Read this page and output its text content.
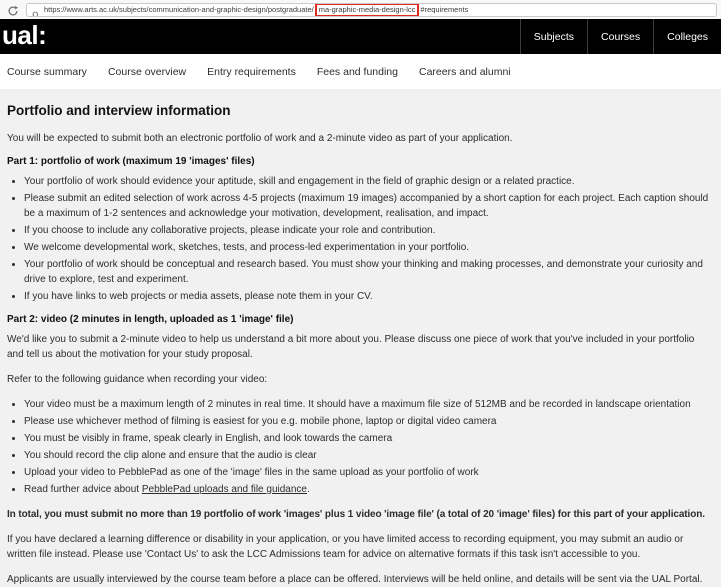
https://www.arts.ac.uk/subjects/communication-and-graphic-design/postgraduate/ ma-graphic-media-design-lcc #requirements
ual:	Subjects	Courses	Colleges
Course summary Course overview Entry requirements Fees and funding Careers and alumni
Portfolio and interview information

You will be expected to submit both an electronic portfolio of work and a 2-minute video as part of your application.

Part 1: portfolio of work (maximum 19 'images' files)
• Your portfolio of work should evidence your aptitude, skill and engagement in the field of graphic design or a related practice.
• Please submit an edited selection of work across 4-5 projects (maximum 19 images) accompanied by a short caption for each project. Each caption should be a maximum of 1-2 sentences and acknowledge your motivation, development, realisation, and impact.
• If you choose to include any collaborative projects, please indicate your role and contribution.
• We welcome developmental work, sketches, tests, and process-led experimentation in your portfolio.
• Your portfolio of work should be conceptual and research based. You must show your thinking and making processes, and demonstrate your curiosity and drive to explore, test and experiment.
• If you have links to web projects or media assets, please note them in your CV.
Part 2: video (2 minutes in length, uploaded as 1 'image' file)

We'd like you to submit a 2-minute video to help us understand a bit more about you. Please discuss one piece of work that you've included in your portfolio and tell us about the motivation for your study proposal.

Refer to the following guidance when recording your video:

• Your video must be a maximum length of 2 minutes in real time. It should have a maximum file size of 512MB and be recorded in landscape orientation
• Please use whichever method of filming is easiest for you e.g. mobile phone, laptop or digital video camera
• You must be visibly in frame, speak clearly in English, and look towards the camera
• You should record the clip alone and ensure that the audio is clear
• Upload your video to PebblePad as one of the 'image' files in the same upload as your portfolio of work
• Read further advice about PebblePad uploads and file guidance.

In total, you must submit no more than 19 portfolio of work 'images' plus 1 video 'image file' (a total of 20 'image' files) for this part of your application.

If you have declared a learning difference or disability in your application, or you have limited access to recording equipment, you may submit an audio or written file instead. Please use 'Contact Us' to ask the LCC Admissions team for advice on alternative formats if this task isn't accessible to you.

Applicants are usually interviewed by the course team before a place can be offered. Interviews will be held online, and details will be sent via the UAL Portal.
